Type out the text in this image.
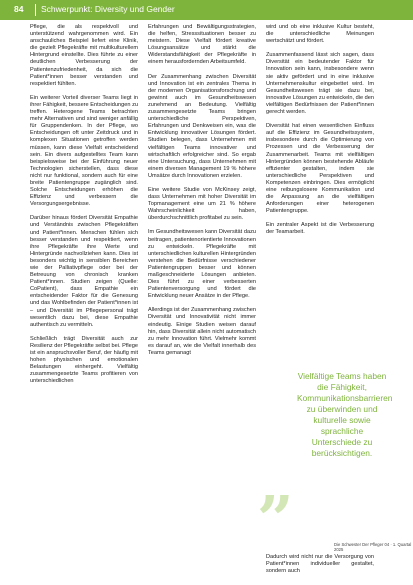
84 Schwerpunkt: Diversity und Gender

Pflege, die als respektvoll und unterstützend wahrgenommen wird. Ein anschauliches Beispiel liefert eine Klinik, die gezielt Pflegekräfte mit multikulturellem Hintergrund einstellte. Dies führte zu einer deutlichen Verbesserung der Patientenzufriedenheit, da sich die Patient*innen besser verstanden und respektiert fühlten.

Ein weiterer Vorteil diverser Teams liegt in ihrer Fähigkeit, bessere Entscheidungen zu treffen. Heterogene Teams betrachten mehr Alternativen und sind weniger anfällig für Gruppendenken. In der Pflege, wo Entscheidungen oft unter Zeitdruck und in komplexen Situationen getroffen werden müssen, kann diese Vielfalt entscheidend sein. Ein divers aufgestelltes Team kann beispielsweise bei der Einführung neuer Technologien sicherstellen, dass diese nicht nur funktional, sondern auch für eine breite Patientengruppe zugänglich sind. Solche Entscheidungen erhöhen die Effizienz und verbessern die Versorgungsergebnisse.

Darüber hinaus fördert Diversität Empathie und Verständnis zwischen Pflegekräften und Patient*innen. Menschen fühlen sich besser verstanden und respektiert, wenn ihre Pflegekräfte ihre Werte und Hintergründe nachvollziehen kann. Dies ist besonders wichtig in sensiblen Bereichen wie der Palliativpflege oder bei der Betreuung von chronisch kranken Patient*innen. Studien zeigen (Quelle: CoPatient), dass Empathie ein entscheidender Faktor für die Genesung und das Wohlbefinden der Patient*innen ist – und Diversität im Pflegepersonal trägt wesentlich dazu bei, diese Empathie authentisch zu vermitteln.

Schließlich trägt Diversität auch zur Resilienz der Pflegekräfte selbst bei. Pflege ist ein anspruchsvoller Beruf, der häufig mit hohen physischen und emotionalen Belastungen einhergeht. Vielfältig zusammengesetzte Teams profitieren von unterschiedlichen

Erfahrungen und Bewältigungsstrategien, die helfen, Stresssituationen besser zu meistern. Diese Vielfalt fördert kreative Lösungsansätze und stärkt die Widerstandsfähigkeit der Pflegekräfte in einem herausfordernden Arbeitsumfeld.

Der Zusammenhang zwischen Diversität und Innovation ist ein zentrales Thema in der modernen Organisationsforschung und gewinnt auch im Gesundheitswesen zunehmend an Bedeutung. Vielfältig zusammengesetzte Teams bringen unterschiedliche Perspektiven, Erfahrungen und Denkweisen ein, was die Entwicklung innovativer Lösungen fördert. Studien belegen, dass Unternehmen mit vielfältigen Teams innovativer und wirtschaftlich erfolgreicher sind. So ergab eine Untersuchung, dass Unternehmen mit einem diversen Management 19 % höhere Umsätze durch Innovationen erzielen.

Eine weitere Studie von McKinsey zeigt, dass Unternehmen mit hoher Diversität im Topmanagement eine um 21 % höhere Wahrscheinlichkeit haben, überdurchschnittlich profitabel zu sein.

Im Gesundheitswesen kann Diversität dazu beitragen, patientenorientierte Innovationen zu entwickeln. Pflegekräfte mit unterschiedlichen kulturellen Hintergründen verstehen die Bedürfnisse verschiedener Patientengruppen besser und können maßgeschneiderte Lösungen anbieten. Dies führt zu einer verbesserten Patientenversorgung und fördert die Entwicklung neuer Ansätze in der Pflege.

Allerdings ist der Zusammenhang zwischen Diversität und Innovativität nicht immer eindeutig. Einige Studien weisen darauf hin, dass Diversität allein nicht automatisch zu mehr Innovation führt. Vielmehr kommt es darauf an, wie die Vielfalt innerhalb des Teams gemanagt

wird und ob eine inklusive Kultur besteht, die unterschiedliche Meinungen wertschätzt und fördert.

Zusammenfassend lässt sich sagen, dass Diversität ein bedeutender Faktor für Innovation sein kann, insbesondere wenn sie aktiv gefördert und in eine inklusive Unternehmenskultur eingebettet wird. Im Gesundheitswesen trägt sie dazu bei, innovative Lösungen zu entwickeln, die den vielfältigen Bedürfnissen der Patient*innen gerecht werden.

Diversität hat einen wesentlichen Einfluss auf die Effizienz im Gesundheitssystem, insbesondere durch die Optimierung von Prozessen und die Verbesserung der Zusammenarbeit. Teams mit vielfältigen Hintergründen können bestehende Abläufe effizienter gestalten, indem sie unterschiedliche Perspektiven und Kompetenzen einbringen. Dies ermöglicht eine reibungslosere Kommunikation und die Anpassung an die vielfältigen Anforderungen einer heterogenen Patientengruppe.

Ein zentraler Aspekt ist die Verbesserung der Teamarbeit.

Vielfältige Teams haben die Fähigkeit, Kommunikationsbarrieren zu überwinden und kulturelle sowie sprachliche Unterschiede zu berücksichtigen.
„
Die Schwester Der Pfleger 04 · 1. Quartal 2025

Dadurch wird nicht nur die Versorgung von Patient*innen individueller gestaltet, sondern auch
